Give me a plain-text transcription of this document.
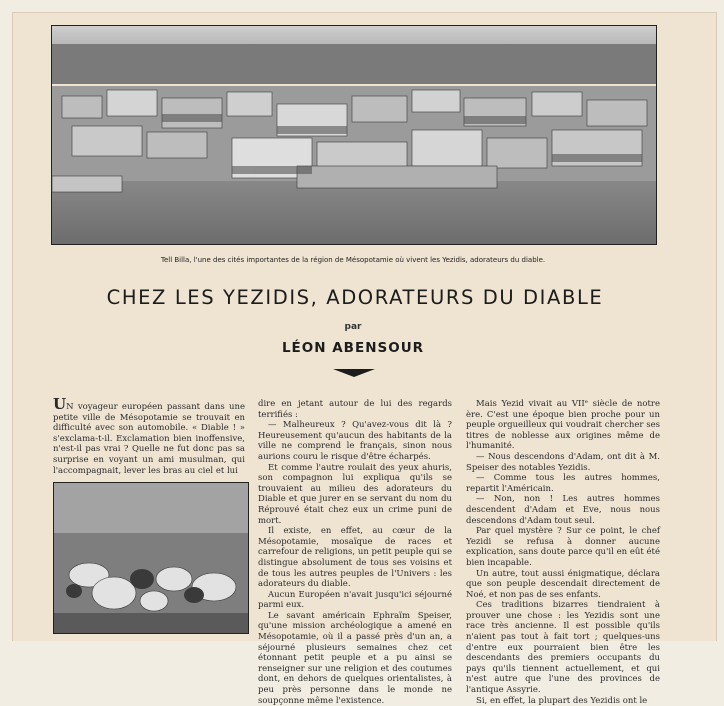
Tell Billa, l'une des cités importantes de la région de Mésopotamie où vivent les Yezidis, adorateurs du diable.
CHEZ LES YEZIDIS, ADORATEURS DU DIABLE
par
LÉON ABENSOUR

UN voyageur européen passant dans une petite ville de Mésopotamie se trouvait en difficulté avec son automobile. « Diable ! » s'exclama-t-il. Exclamation bien inoffensive, n'est-il pas vrai ? Quelle ne fut donc pas sa surprise en voyant un ami musulman, qui l'accompagnait, lever les bras au ciel et lui

dire en jetant autour de lui des regards terrifiés :

— Malheureux ? Qu'avez-vous dit là ? Heureusement qu'aucun des habitants de la ville ne comprend le français, sinon nous aurions couru le risque d'être écharpés.

Et comme l'autre roulait des yeux ahuris, son compagnon lui expliqua qu'ils se trouvaient au milieu des adorateurs du Diable et que jurer en se servant du nom du Réprouvé était chez eux un crime puni de mort.

Il existe, en effet, au cœur de la Mésopotamie, mosaïque de races et carrefour de religions, un petit peuple qui se distingue absolument de tous ses voisins et de tous les autres peuples de l'Univers : les adorateurs du diable.

Aucun Européen n'avait jusqu'ici séjourné parmi eux.

Le savant américain Ephraïm Speiser, qu'une mission archéologique a amené en Mésopotamie, où il a passé près d'un an, a séjourné plusieurs semaines chez cet étonnant petit peuple et a pu ainsi se renseigner sur une religion et des coutumes dont, en dehors de quelques orientalistes, à peu près personne dans le monde ne soupçonne même l'existence.

Mais Yezid vivait au VIIᵉ siècle de notre ère. C'est une époque bien proche pour un peuple orgueilleux qui voudrait chercher ses titres de noblesse aux origines même de l'humanité.

— Nous descendons d'Adam, ont dit à M. Speiser des notables Yezidis.

— Comme tous les autres hommes, repartit l'Américain.

— Non, non ! Les autres hommes descendent d'Adam et Eve, nous nous descendons d'Adam tout seul.

Par quel mystère ? Sur ce point, le chef Yezidi se refusa à donner aucune explication, sans doute parce qu'il en eût été bien incapable.

Un autre, tout aussi énigmatique, déclara que son peuple descendait directement de Noé, et non pas de ses enfants.

Ces traditions bizarres tiendraient à prouver une chose : les Yezidis sont une race très ancienne. Il est possible qu'ils n'aient pas tout à fait tort ; quelques-uns d'entre eux pourraient bien être les descendants des premiers occupants du pays qu'ils tiennent actuellement, et qui n'est autre que l'une des provinces de l'antique Assyrie.

Si, en effet, la plupart des Yezidis ont le
